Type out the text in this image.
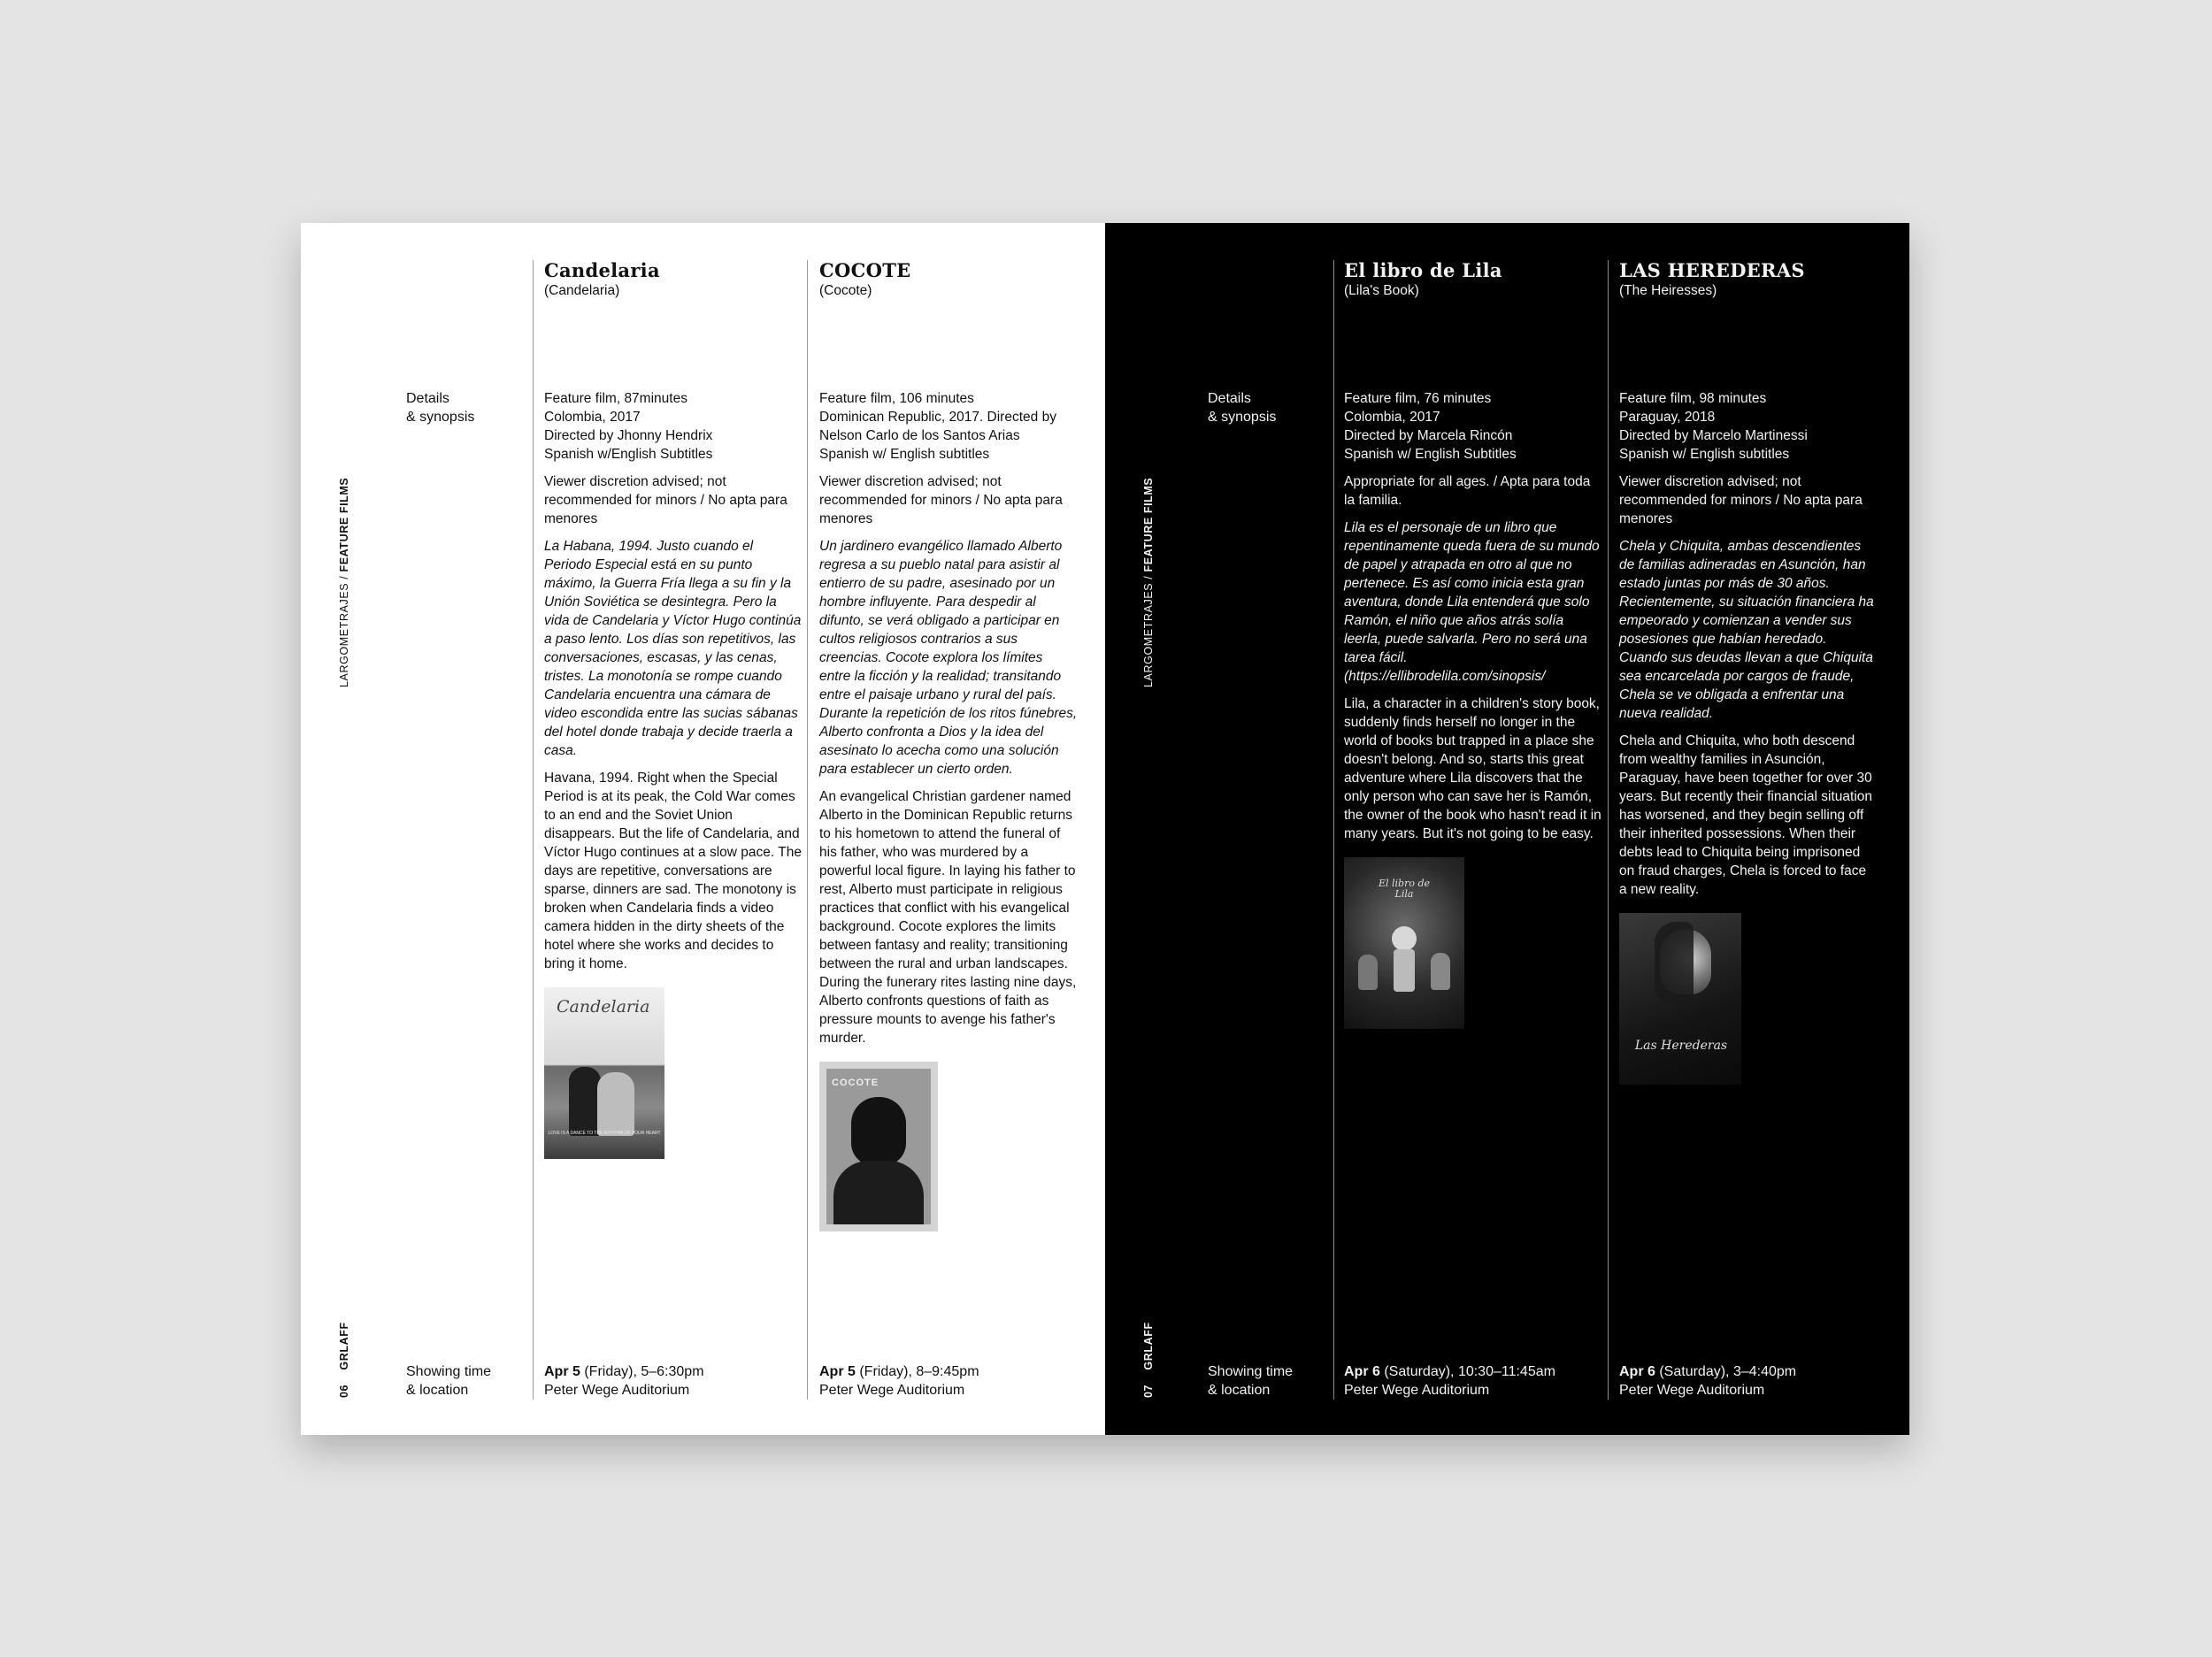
LARGOMETRAJES / FEATURE FILMS
06    GRLAFF
Details
& synopsis
Showing time
& location
Candelaria
(Candelaria)

Feature film, 87minutes
Colombia, 2017
Directed by Jhonny Hendrix
Spanish w/English Subtitles

Viewer discretion advised; not recommended for minors / No apta para menores

La Habana, 1994. Justo cuando el Periodo Especial está en su punto máximo, la Guerra Fría llega a su fin y la Unión Soviética se desintegra. Pero la vida de Candelaria y Víctor Hugo continúa a paso lento. Los días son repetitivos, las conversaciones, escasas, y las cenas, tristes. La monotonía se rompe cuando Candelaria encuentra una cámara de video escondida entre las sucias sábanas del hotel donde trabaja y decide traerla a casa.

Havana, 1994. Right when the Special Period is at its peak, the Cold War comes to an end and the Soviet Union disappears. But the life of Candelaria, and Víctor Hugo continues at a slow pace. The days are repetitive, conversations are sparse, dinners are sad. The monotony is broken when Candelaria finds a video camera hidden in the dirty sheets of the hotel where she works and decides to bring it home.

Candelaria
LOVE IS A DANCE TO THE RHYTHM OF YOUR HEART
Apr 5 (Friday), 5–6:30pm
Peter Wege Auditorium
COCOTE
(Cocote)

Feature film, 106 minutes
Dominican Republic, 2017. Directed by Nelson Carlo de los Santos Arias
Spanish w/ English subtitles

Viewer discretion advised; not recommended for minors / No apta para menores

Un jardinero evangélico llamado Alberto regresa a su pueblo natal para asistir al entierro de su padre, asesinado por un hombre influyente. Para despedir al difunto, se verá obligado a participar en cultos religiosos contrarios a sus creencias. Cocote explora los límites entre la ficción y la realidad; transitando entre el paisaje urbano y rural del país. Durante la repetición de los ritos fúnebres, Alberto confronta a Dios y la idea del asesinato lo acecha como una solución para establecer un cierto orden.

An evangelical Christian gardener named Alberto in the Dominican Republic returns to his hometown to attend the funeral of his father, who was murdered by a powerful local figure. In laying his father to rest, Alberto must participate in religious practices that conflict with his evangelical background. Cocote explores the limits between fantasy and reality; transitioning between the rural and urban landscapes. During the funerary rites lasting nine days, Alberto confronts questions of faith as pressure mounts to avenge his father's murder.

COCOTE
Apr 5 (Friday), 8–9:45pm
Peter Wege Auditorium
LARGOMETRAJES / FEATURE FILMS
07    GRLAFF
Details
& synopsis
Showing time
& location
El libro de Lila
(Lila's Book)

Feature film, 76 minutes
Colombia, 2017
Directed by Marcela Rincón
Spanish w/ English Subtitles

Appropriate for all ages. / Apta para toda la familia.

Lila es el personaje de un libro que repentinamente queda fuera de su mundo de papel y atrapada en otro al que no pertenece. Es así como inicia esta gran aventura, donde Lila entenderá que solo Ramón, el niño que años atrás solía leerla, puede salvarla. Pero no será una tarea fácil. (https://ellibrodelila.com/sinopsis/

Lila, a character in a children's story book, suddenly finds herself no longer in the world of books but trapped in a place she doesn't belong. And so, starts this great adventure where Lila discovers that the only person who can save her is Ramón, the owner of the book who hasn't read it in many years. But it's not going to be easy.

El libro de Lila
Apr 6 (Saturday), 10:30–11:45am
Peter Wege Auditorium
LAS HEREDERAS
(The Heiresses)

Feature film, 98 minutes
Paraguay, 2018
Directed by Marcelo Martinessi
Spanish w/ English subtitles

Viewer discretion advised; not recommended for minors / No apta para menores

Chela y Chiquita, ambas descendientes de familias adineradas en Asunción, han estado juntas por más de 30 años. Recientemente, su situación financiera ha empeorado y comienzan a vender sus posesiones que habían heredado. Cuando sus deudas llevan a que Chiquita sea encarcelada por cargos de fraude, Chela se ve obligada a enfrentar una nueva realidad.

Chela and Chiquita, who both descend from wealthy families in Asunción, Paraguay, have been together for over 30 years. But recently their financial situation has worsened, and they begin selling off their inherited possessions. When their debts lead to Chiquita being imprisoned on fraud charges, Chela is forced to face a new reality.

Las Herederas
Apr 6 (Saturday), 3–4:40pm
Peter Wege Auditorium
